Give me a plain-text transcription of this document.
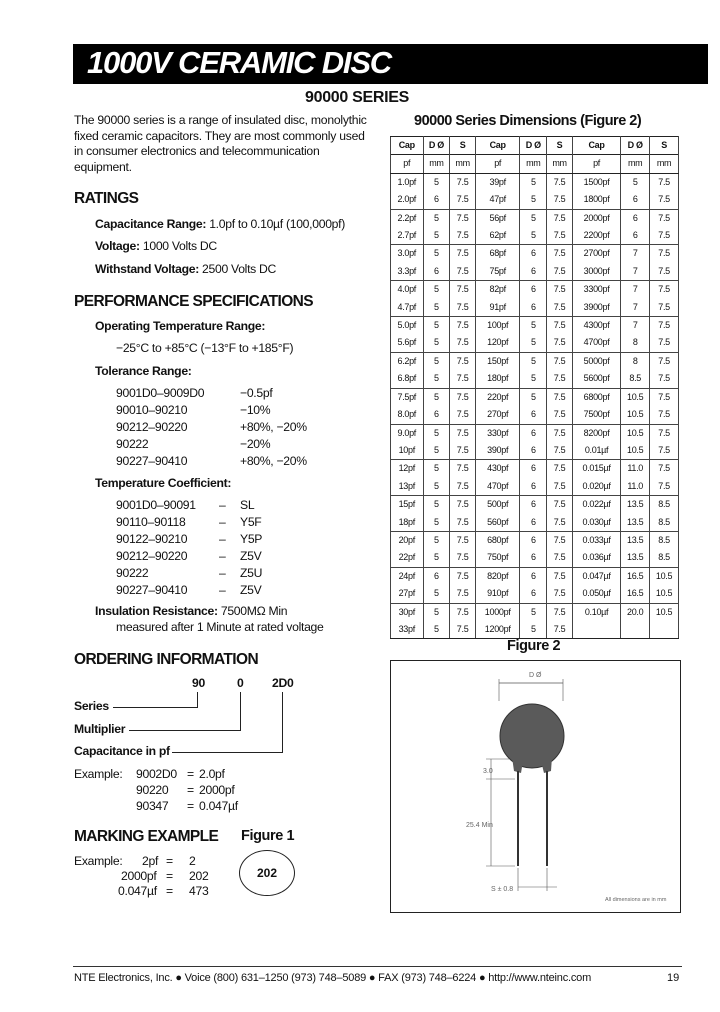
1000V CERAMIC DISC
90000 SERIES
The 90000 series is a range of insulated disc, monolythic fixed ceramic capacitors. They are most commonly used in consumer electronics and telecommunication equipment.
RATINGS
Capacitance Range: 1.0pf to 0.10µf (100,000pf)
Voltage: 1000 Volts DC
Withstand Voltage: 2500 Volts DC
PERFORMANCE SPECIFICATIONS
Operating Temperature Range:
−25°C to +85°C (−13°F to +185°F)
Tolerance Range:
9001D0–9009D0	−0.5pf
90010–90210	−10%
90212–90220	+80%, −20%
90222	−20%
90227–90410	+80%, −20%
Temperature Coefficient:
9001D0–90091 – SL
90110–90118	– Y5F
90122–90210	– Y5P
90212–90220	– Z5V
90222	– Z5U
90227–90410	– Z5V
Insulation Resistance: 7500MΩ Min
measured after 1 Minute at rated voltage
ORDERING INFORMATION
90	0 2D0
Series
Multiplier
Capacitance in pf
Example: 9002D0 = 2.0pf
90220 = 2000pf
90347 = 0.047µf
MARKING EXAMPLE
Example: 2pf = 2
2000pf = 202
0.047µf = 473
Figure 1
202
90000 Series Dimensions (Figure 2)
Cap	D Ø	S	Cap	D Ø	S	Cap	D Ø	S
pf	mm	mm	pf	mm	mm	pf	mm	mm
1.0pf	5	7.5	39pf	5	7.5	1500pf	5	7.5
2.0pf	6	7.5	47pf	5	7.5	1800pf	6	7.5
2.2pf	5	7.5	56pf	5	7.5	2000pf	6	7.5
2.7pf	5	7.5	62pf	5	7.5	2200pf	6	7.5
3.0pf	5	7.5	68pf	6	7.5	2700pf	7	7.5
3.3pf	6	7.5	75pf	6	7.5	3000pf	7	7.5
4.0pf	5	7.5	82pf	6	7.5	3300pf	7	7.5
4.7pf	5	7.5	91pf	6	7.5	3900pf	7	7.5
5.0pf	5	7.5	100pf	5	7.5	4300pf	7	7.5
5.6pf	5	7.5	120pf	5	7.5	4700pf	8	7.5
6.2pf	5	7.5	150pf	5	7.5	5000pf	8	7.5
6.8pf	5	7.5	180pf	5	7.5	5600pf	8.5	7.5
7.5pf	5	7.5	220pf	5	7.5	6800pf	10.5	7.5
8.0pf	6	7.5	270pf	6	7.5	7500pf	10.5	7.5
9.0pf	5	7.5	330pf	6	7.5	8200pf	10.5	7.5
10pf	5	7.5	390pf	6	7.5	0.01µf	10.5	7.5
12pf	5	7.5	430pf	6	7.5	0.015µf	11.0	7.5
13pf	5	7.5	470pf	6	7.5	0.020µf	11.0	7.5
15pf	5	7.5	500pf	6	7.5	0.022µf	13.5	8.5
18pf	5	7.5	560pf	6	7.5	0.030µf	13.5	8.5
20pf	5	7.5	680pf	6	7.5	0.033µf	13.5	8.5
22pf	5	7.5	750pf	6	7.5	0.036µf	13.5	8.5
24pf	6	7.5	820pf	6	7.5	0.047µf	16.5	10.5
27pf	5	7.5	910pf	6	7.5	0.050µf	16.5	10.5
30pf	5	7.5	1000pf	5	7.5	0.10µf	20.0	10.5
33pf	5	7.5	1200pf	5	7.5			
Figure 2
D Ø
3.0
25.4 Min
S ± 0.8
All dimensions are in mm
NTE Electronics, Inc. ● Voice (800) 631–1250 (973) 748–5089 ● FAX (973) 748–6224 ● http://www.nteinc.com	19
